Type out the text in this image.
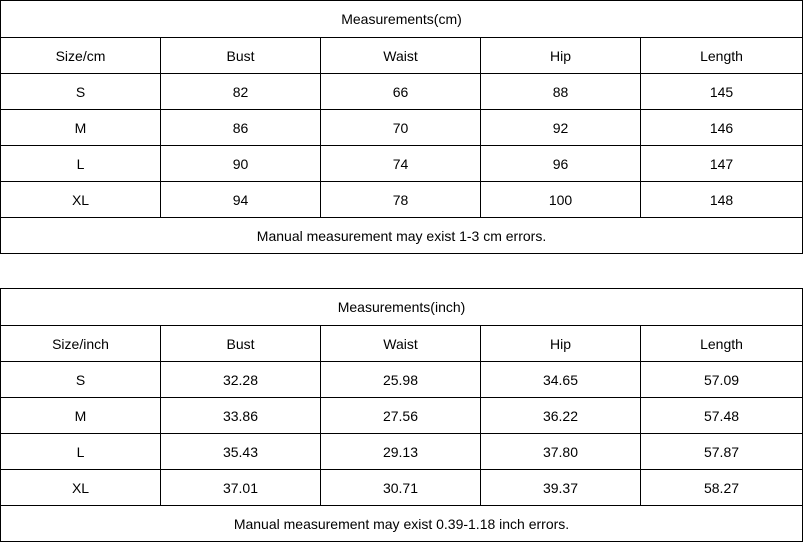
Measurements(cm)				
Size/cm	Bust	Waist	Hip	Length
S	82	66	88	145
M	86	70	92	146
L	90	74	96	147
XL	94	78	100	148
Manual measurement may exist 1-3 cm errors.				
Measurements(inch)				
Size/inch	Bust	Waist	Hip	Length
S	32.28	25.98	34.65	57.09
M	33.86	27.56	36.22	57.48
L	35.43	29.13	37.80	57.87
XL	37.01	30.71	39.37	58.27
Manual measurement may exist 0.39-1.18 inch errors.				
